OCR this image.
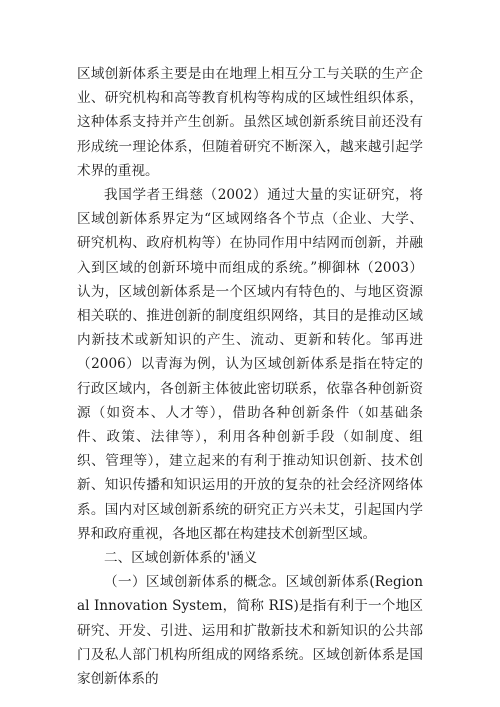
区域创新体系主要是由在地理上相互分工与关联的生产企业、研究机构和高等教育机构等构成的区域性组织体系，这种体系支持并产生创新。虽然区域创新系统目前还没有形成统一理论体系，但随着研究不断深入，越来越引起学术界的重视。

我国学者王缉慈（2002）通过大量的实证研究，将区域创新体系界定为“区域网络各个节点（企业、大学、研究机构、政府机构等）在协同作用中结网而创新，并融入到区域的创新环境中而组成的系统。”柳御林（2003）认为，区域创新体系是一个区域内有特色的、与地区资源相关联的、推进创新的制度组织网络，其目的是推动区域内新技术或新知识的产生、流动、更新和转化。邹再进（2006）以青海为例，认为区域创新体系是指在特定的行政区域内，各创新主体彼此密切联系，依靠各种创新资源（如资本、人才等），借助各种创新条件（如基础条件、政策、法律等），利用各种创新手段（如制度、组织、管理等），建立起来的有利于推动知识创新、技术创新、知识传播和知识运用的开放的复杂的社会经济网络体系。国内对区域创新系统的研究正方兴未艾，引起国内学界和政府重视，各地区都在构建技术创新型区域。

二、区域创新体系的'涵义

（一）区域创新体系的概念。区域创新体系(Regional Innovation System，简称 RIS)是指有利于一个地区研究、开发、引进、运用和扩散新技术和新知识的公共部门及私人部门机构所组成的网络系统。区域创新体系是国家创新体系的
